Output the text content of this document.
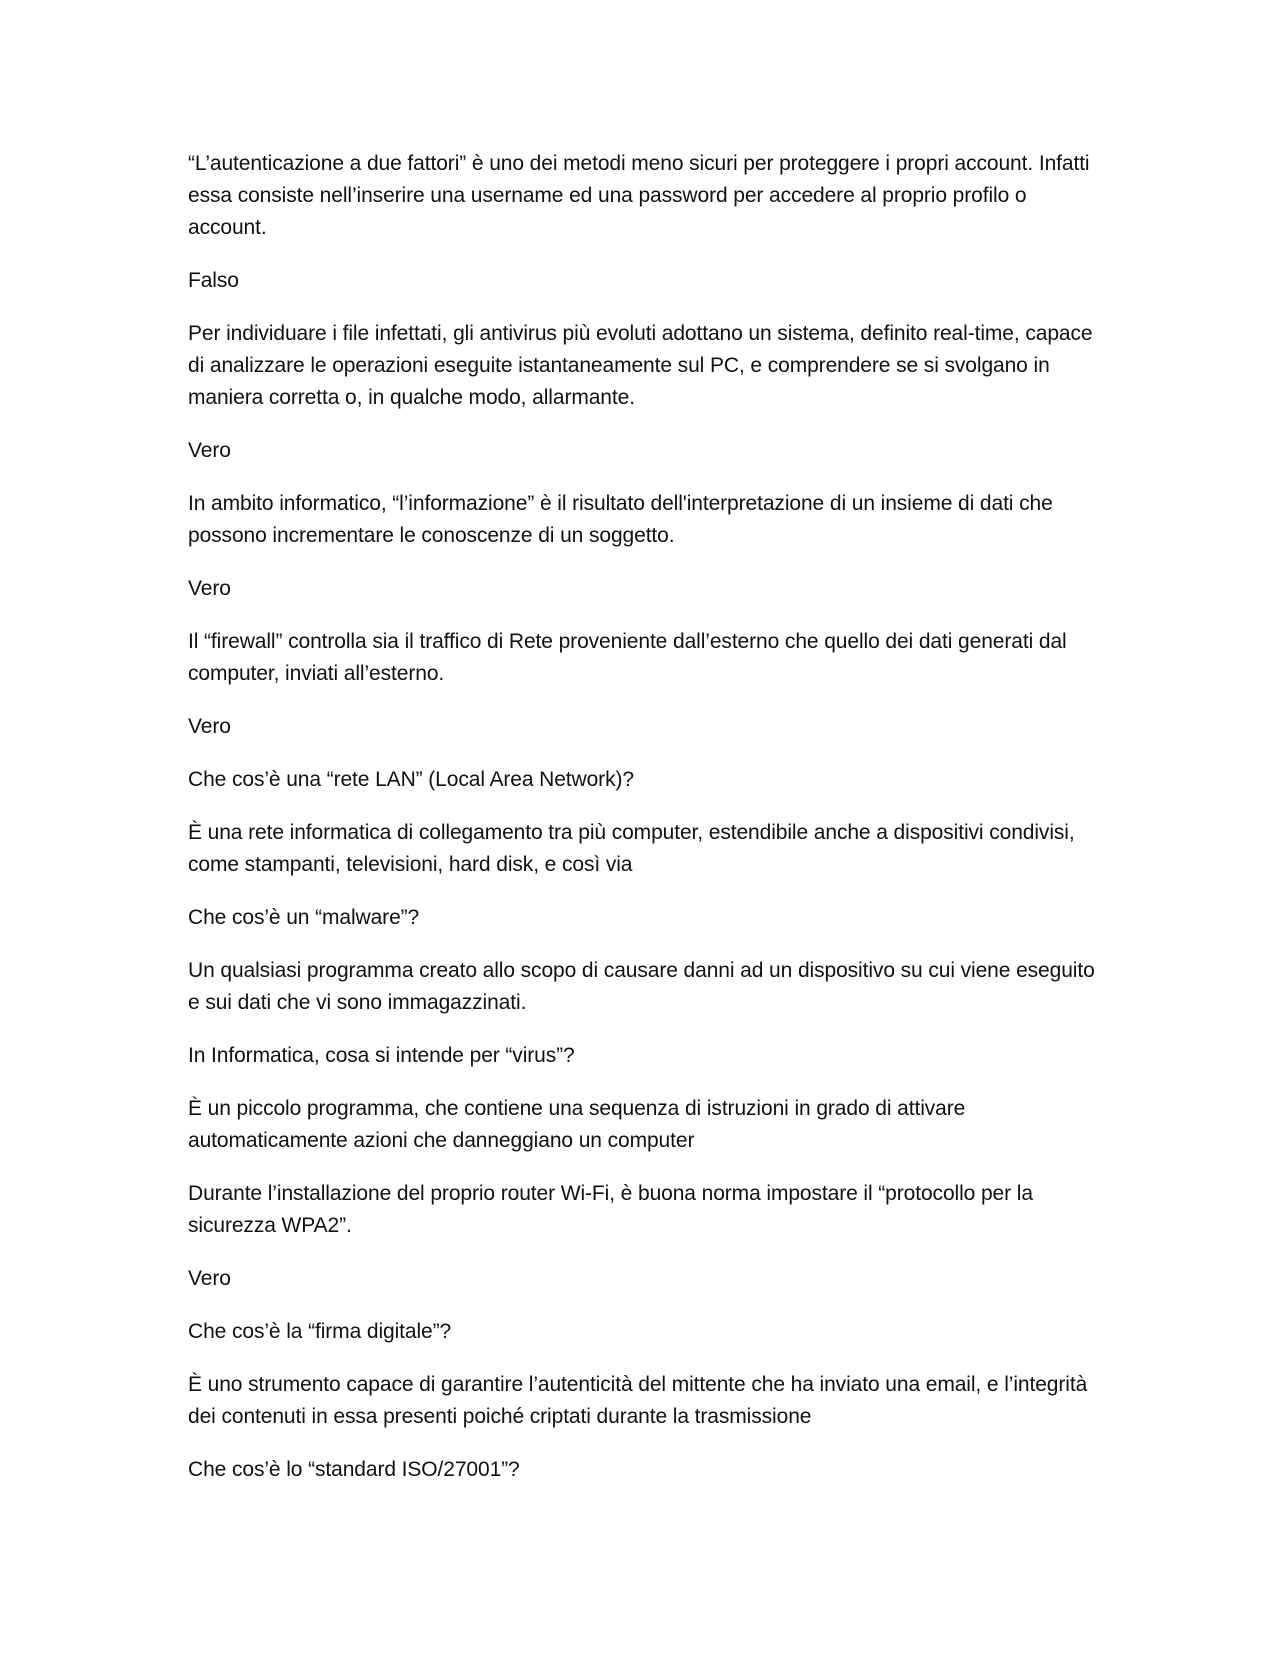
“L’autenticazione a due fattori” è uno dei metodi meno sicuri per proteggere i propri account. Infatti essa consiste nell’inserire una username ed una password per accedere al proprio profilo o account.

Falso

Per individuare i file infettati, gli antivirus più evoluti adottano un sistema, definito real-time, capace di analizzare le operazioni eseguite istantaneamente sul PC, e comprendere se si svolgano in maniera corretta o, in qualche modo, allarmante.

Vero

In ambito informatico, “l’informazione” è il risultato dell'interpretazione di un insieme di dati che possono incrementare le conoscenze di un soggetto.

Vero

Il “firewall” controlla sia il traffico di Rete proveniente dall’esterno che quello dei dati generati dal computer, inviati all’esterno.

Vero

Che cos’è una “rete LAN” (Local Area Network)?

È una rete informatica di collegamento tra più computer, estendibile anche a dispositivi condivisi, come stampanti, televisioni, hard disk, e così via

Che cos’è un “malware”?

Un qualsiasi programma creato allo scopo di causare danni ad un dispositivo su cui viene eseguito e sui dati che vi sono immagazzinati.

In Informatica, cosa si intende per “virus”?

È un piccolo programma, che contiene una sequenza di istruzioni in grado di attivare automaticamente azioni che danneggiano un computer

Durante l’installazione del proprio router Wi-Fi, è buona norma impostare il “protocollo per la sicurezza WPA2”.

Vero

Che cos’è la “firma digitale”?

È uno strumento capace di garantire l’autenticità del mittente che ha inviato una email, e l’integrità dei contenuti in essa presenti poiché criptati durante la trasmissione

Che cos’è lo “standard ISO/27001”?
